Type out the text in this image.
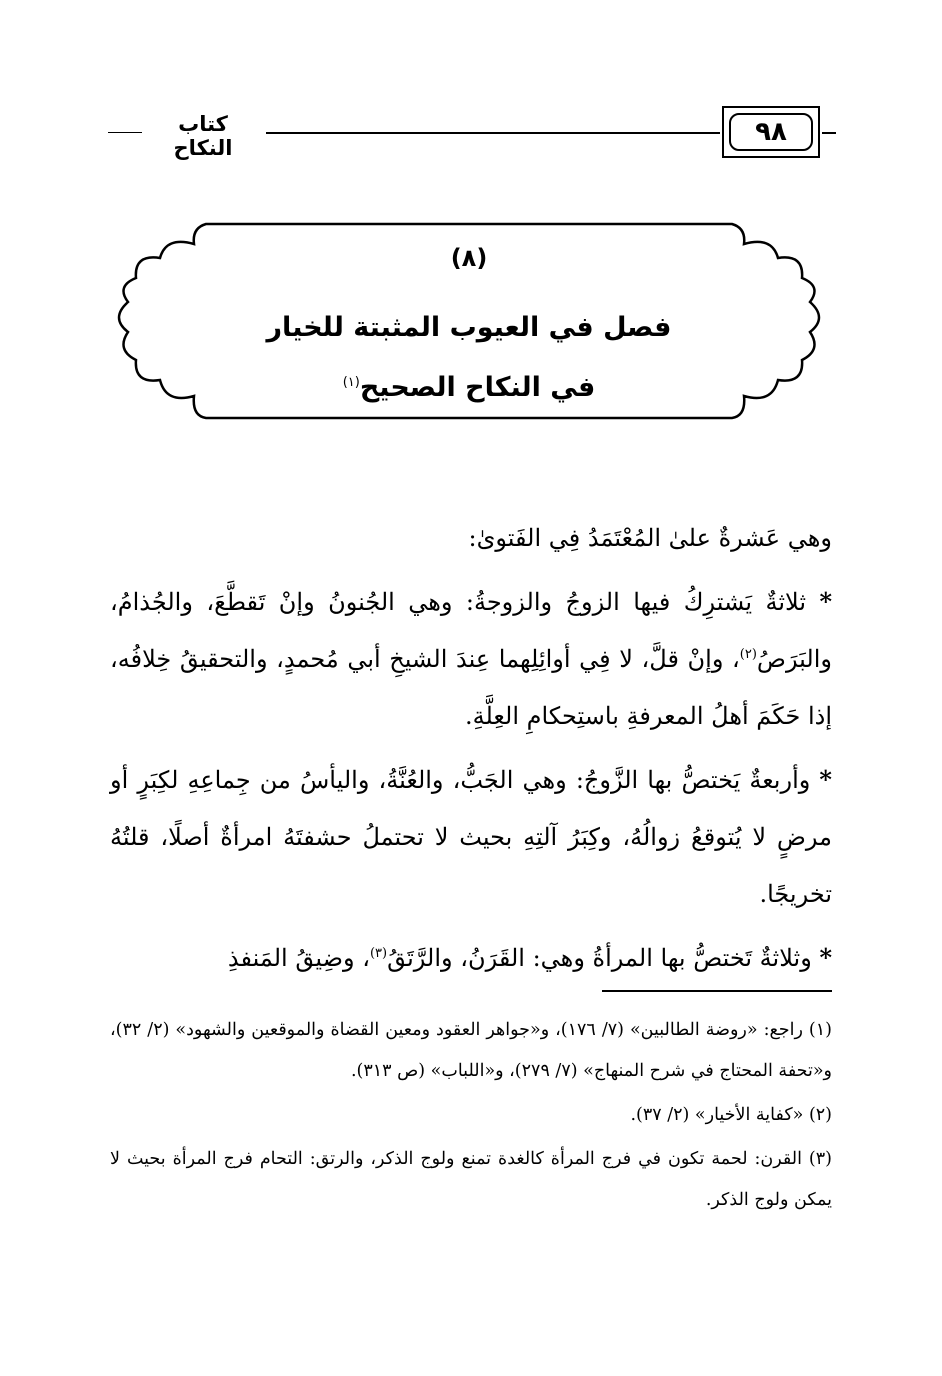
٩٨
كتاب النكاح
(٨)
فصل في العيوب المثبتة للخيار
في النكاح الصحيح$^{(١)}$

وهي عَشرةٌ علىٰ المُعْتَمَدُ فِي الفَتوىٰ:

* ثلاثةٌ يَشترِكُ فيها الزوجُ والزوجةُ: وهي الجُنونُ وإنْ تَقطَّعَ، والجُذامُ، والبَرَصُ$^{(٢)}$، وإنْ قلَّ، لا فِي أوائِلِهما عِندَ الشيخِ أبي مُحمدٍ، والتحقيقُ خِلافُه، إذا حَكَمَ أهلُ المعرفةِ باستِحكامِ العِلَّةِ.

* وأربعةٌ يَختصُّ بها الزَّوجُ: وهي الجَبُّ، والعُنَّةُ، واليأسُ من جِماعِهِ لكِبَرٍ أو مرضٍ لا يُتوقعُ زوالُهُ، وكِبَرُ آلتِهِ بحيث لا تحتملُ حشفتَهُ امرأةٌ أصلًا، قلتُهُ تخريجًا.

* وثلاثةٌ تَختصُّ بها المرأةُ وهي: القَرَنُ، والرَّتَقُ$^{(٣)}$، وضِيقُ المَنفذِ

(١) راجع: «روضة الطالبين» (٧/ ١٧٦)، و«جواهر العقود ومعين القضاة والموقعين والشهود» (٢/ ٣٢)، و«تحفة المحتاج في شرح المنهاج» (٧/ ٢٧٩)، و«اللباب» (ص ٣١٣).

(٢) «كفاية الأخيار» (٢/ ٣٧).

(٣) القرن: لحمة تكون في فرج المرأة كالغدة تمنع ولوج الذكر، والرتق: التحام فرج المرأة بحيث لا يمكن ولوج الذكر.
